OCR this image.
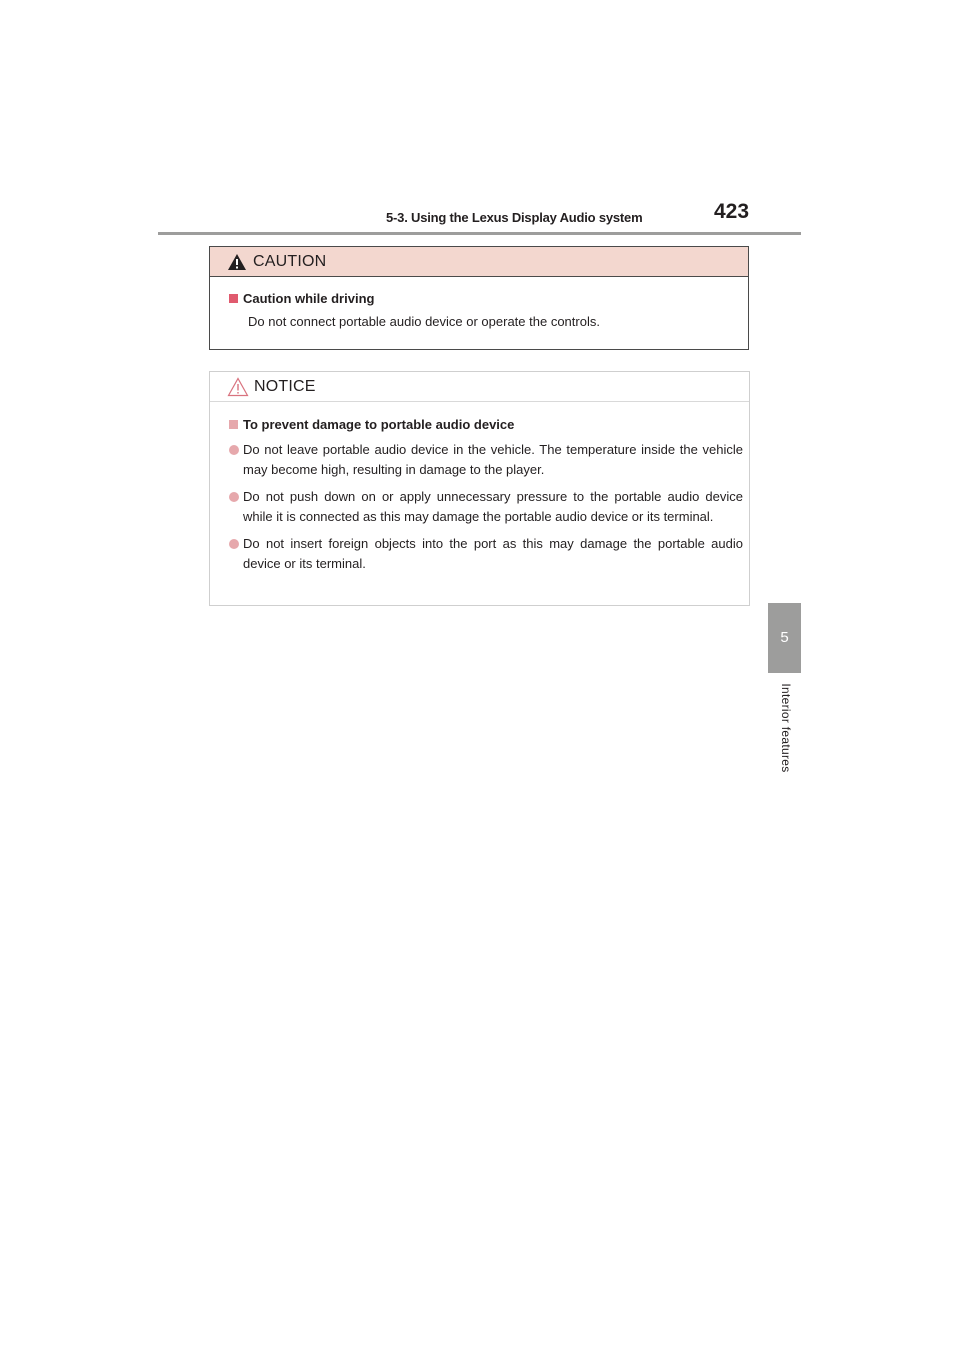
5-3. Using the Lexus Display Audio system	423
5
Interior features
CAUTION
Caution while driving
Do not connect portable audio device or operate the controls.
NOTICE
To prevent damage to portable audio device
Do not leave portable audio device in the vehicle. The temperature inside the vehicle may become high, resulting in damage to the player.
Do not push down on or apply unnecessary pressure to the portable audio device while it is connected as this may damage the portable audio device or its terminal.
Do not insert foreign objects into the port as this may damage the portable audio device or its terminal.
